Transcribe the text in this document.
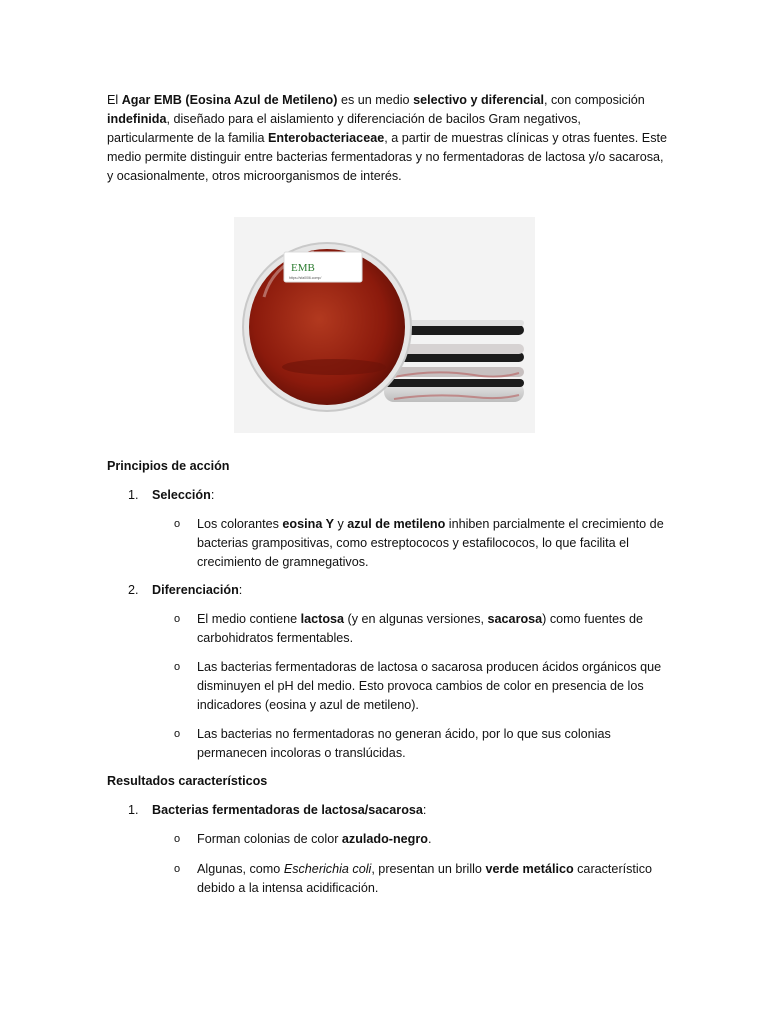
El Agar EMB (Eosina Azul de Metileno) es un medio selectivo y diferencial, con composición indefinida, diseñado para el aislamiento y diferenciación de bacilos Gram negativos, particularmente de la familia Enterobacteriaceae, a partir de muestras clínicas y otras fuentes. Este medio permite distinguir entre bacterias fermentadoras y no fermentadoras de lactosa y/o sacarosa, y ocasionalmente, otros microorganismos de interés.
EMB
https://sfa00l6.comp/
Principios de acción
1. Selección:
o Los colorantes eosina Y y azul de metileno inhiben parcialmente el crecimiento de bacterias grampositivas, como estreptococos y estafilococos, lo que facilita el crecimiento de gramnegativos.
2. Diferenciación:
o El medio contiene lactosa (y en algunas versiones, sacarosa) como fuentes de carbohidratos fermentables.
o Las bacterias fermentadoras de lactosa o sacarosa producen ácidos orgánicos que disminuyen el pH del medio. Esto provoca cambios de color en presencia de los indicadores (eosina y azul de metileno).
o Las bacterias no fermentadoras no generan ácido, por lo que sus colonias permanecen incoloras o translúcidas.
Resultados característicos
1. Bacterias fermentadoras de lactosa/sacarosa:
o Forman colonias de color azulado-negro.
o Algunas, como Escherichia coli, presentan un brillo verde metálico característico debido a la intensa acidificación.
